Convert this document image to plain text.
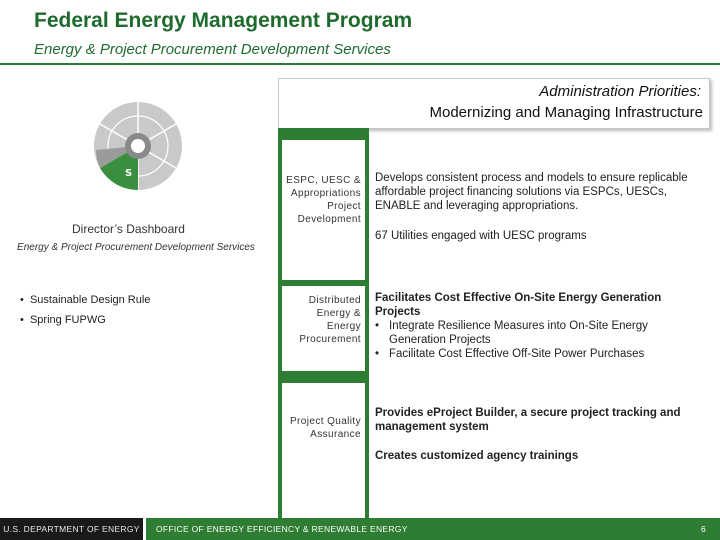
Federal Energy Management Program
Energy & Project Procurement Development Services
S
Director’s Dashboard
Energy & Project Procurement Development Services
•  Sustainable Design Rule
•  Spring FUPWG
Administration Priorities:
Modernizing and Managing Infrastructure
ESPC, UESC &
Appropriations
Project
Development
Distributed
Energy &
Energy
Procurement
Project Quality
Assurance
Develops consistent process and models to ensure replicable affordable project financing solutions via ESPCs, UESCs, ENABLE and leveraging appropriations.
67 Utilities engaged with UESC programs
Facilitates Cost Effective On-Site Energy Generation Projects
• Integrate Resilience Measures into On-Site Energy Generation Projects
• Facilitate Cost Effective Off-Site Power Purchases
Provides eProject Builder, a secure project tracking and management system
Creates customized agency trainings
U.S. DEPARTMENT OF ENERGY	OFFICE OF ENERGY EFFICIENCY & RENEWABLE ENERGY	6
